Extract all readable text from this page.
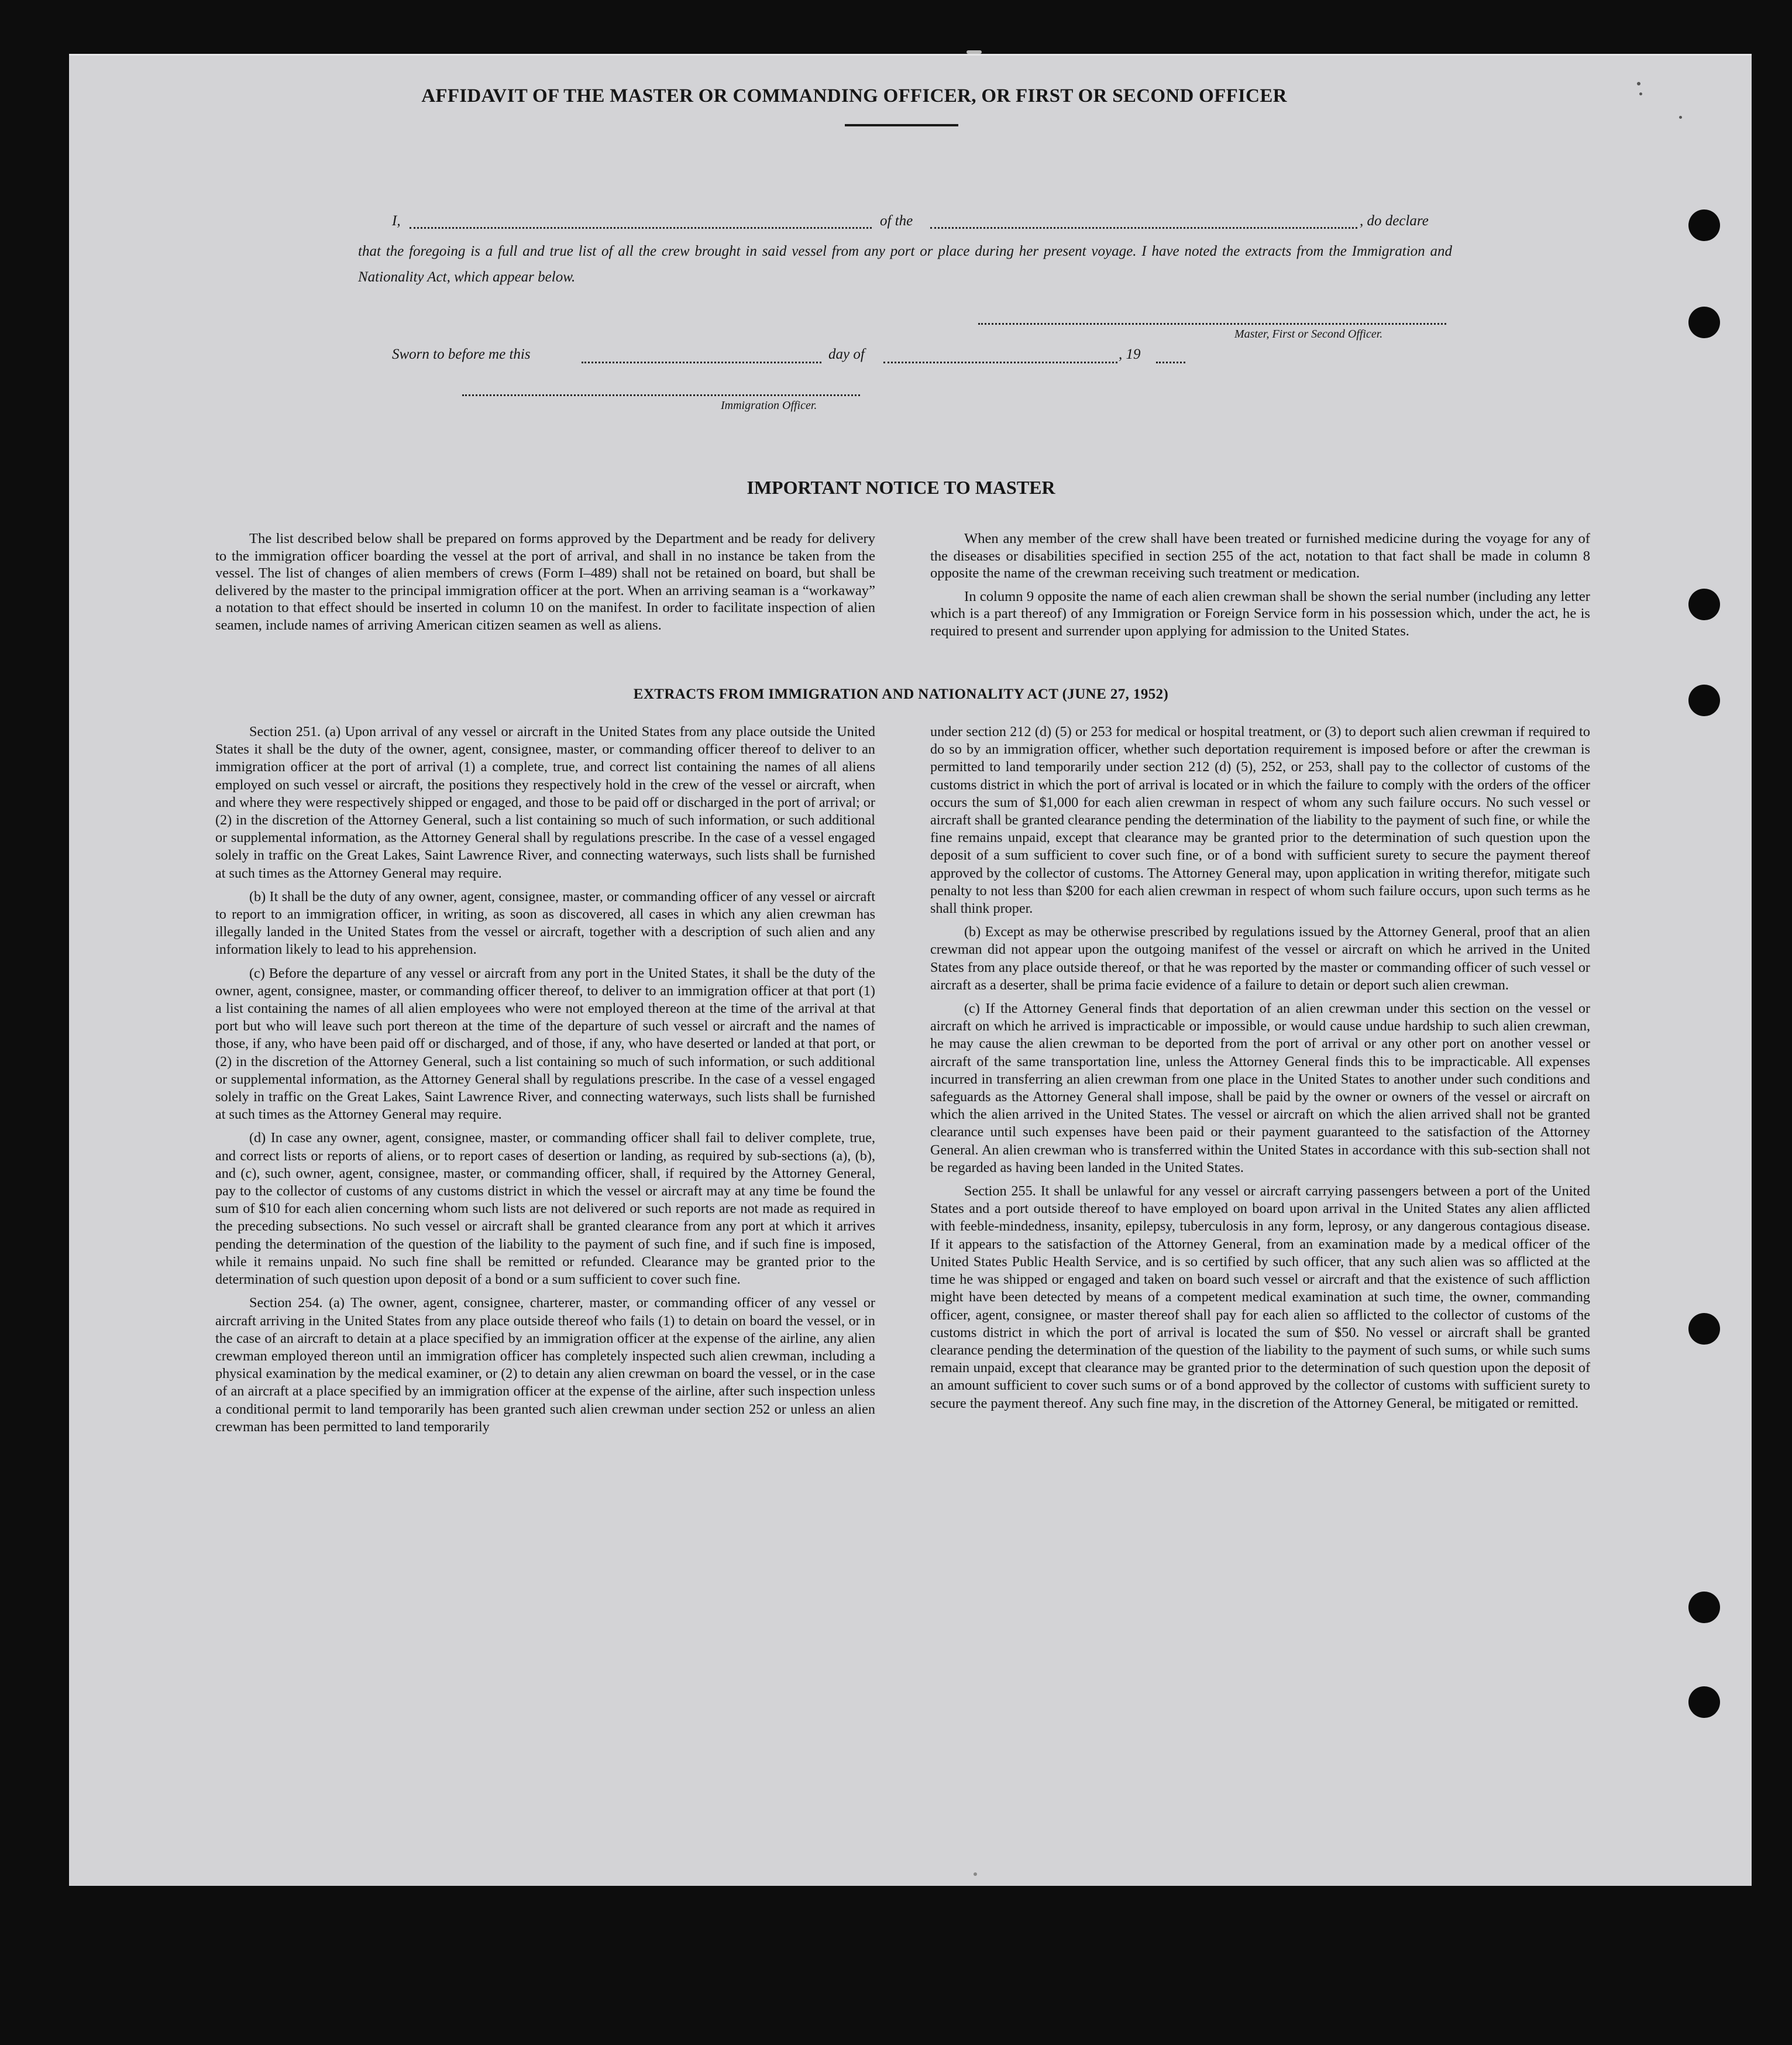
AFFIDAVIT OF THE MASTER OR COMMANDING OFFICER, OR FIRST OR SECOND OFFICER
I,	of the	, do declare
that the foregoing is a full and true list of all the crew brought in said vessel from any port or place during her present voyage. I have noted the extracts from the Immigration and Nationality Act, which appear below.
Master, First or Second Officer.
Sworn to before me this	day of	, 19
Immigration Officer.
IMPORTANT NOTICE TO MASTER

The list described below shall be prepared on forms approved by the Department and be ready for delivery to the immigration officer boarding the vessel at the port of arrival, and shall in no instance be taken from the vessel. The list of changes of alien members of crews (Form I–489) shall not be retained on board, but shall be delivered by the master to the principal immigration officer at the port. When an arriving seaman is a “workaway” a notation to that effect should be inserted in column 10 on the manifest. In order to facilitate inspection of alien seamen, include names of arriving American citizen seamen as well as aliens.

When any member of the crew shall have been treated or furnished medicine during the voyage for any of the diseases or disabilities specified in section 255 of the act, notation to that fact shall be made in column 8 opposite the name of the crewman receiving such treatment or medication.

In column 9 opposite the name of each alien crewman shall be shown the serial number (including any letter which is a part thereof) of any Immigration or Foreign Service form in his possession which, under the act, he is required to present and surrender upon applying for admission to the United States.

EXTRACTS FROM IMMIGRATION AND NATIONALITY ACT (JUNE 27, 1952)

Section 251. (a) Upon arrival of any vessel or aircraft in the United States from any place outside the United States it shall be the duty of the owner, agent, consignee, master, or commanding officer thereof to deliver to an immigration officer at the port of arrival (1) a complete, true, and correct list containing the names of all aliens employed on such vessel or aircraft, the positions they respectively hold in the crew of the vessel or aircraft, when and where they were respectively shipped or engaged, and those to be paid off or discharged in the port of arrival; or (2) in the discretion of the Attorney General, such a list containing so much of such information, or such additional or supplemental information, as the Attorney General shall by regulations prescribe. In the case of a vessel engaged solely in traffic on the Great Lakes, Saint Lawrence River, and connecting waterways, such lists shall be furnished at such times as the Attorney General may require.

(b) It shall be the duty of any owner, agent, consignee, master, or commanding officer of any vessel or aircraft to report to an immigration officer, in writing, as soon as discovered, all cases in which any alien crewman has illegally landed in the United States from the vessel or aircraft, together with a description of such alien and any information likely to lead to his apprehension.

(c) Before the departure of any vessel or aircraft from any port in the United States, it shall be the duty of the owner, agent, consignee, master, or commanding officer thereof, to deliver to an immigration officer at that port (1) a list containing the names of all alien employees who were not employed thereon at the time of the arrival at that port but who will leave such port thereon at the time of the departure of such vessel or aircraft and the names of those, if any, who have been paid off or discharged, and of those, if any, who have deserted or landed at that port, or (2) in the discretion of the Attorney General, such a list containing so much of such information, or such additional or supplemental information, as the Attorney General shall by regulations prescribe. In the case of a vessel engaged solely in traffic on the Great Lakes, Saint Lawrence River, and connecting waterways, such lists shall be furnished at such times as the Attorney General may require.

(d) In case any owner, agent, consignee, master, or commanding officer shall fail to deliver complete, true, and correct lists or reports of aliens, or to report cases of desertion or landing, as required by sub-sections (a), (b), and (c), such owner, agent, consignee, master, or commanding officer, shall, if required by the Attorney General, pay to the collector of customs of any customs district in which the vessel or aircraft may at any time be found the sum of $10 for each alien concerning whom such lists are not delivered or such reports are not made as required in the preceding subsections. No such vessel or aircraft shall be granted clearance from any port at which it arrives pending the determination of the question of the liability to the payment of such fine, and if such fine is imposed, while it remains unpaid. No such fine shall be remitted or refunded. Clearance may be granted prior to the determination of such question upon deposit of a bond or a sum sufficient to cover such fine.

Section 254. (a) The owner, agent, consignee, charterer, master, or commanding officer of any vessel or aircraft arriving in the United States from any place outside thereof who fails (1) to detain on board the vessel, or in the case of an aircraft to detain at a place specified by an immigration officer at the expense of the airline, any alien crewman employed thereon until an immigration officer has completely inspected such alien crewman, including a physical examination by the medical examiner, or (2) to detain any alien crewman on board the vessel, or in the case of an aircraft at a place specified by an immigration officer at the expense of the airline, after such inspection unless a conditional permit to land temporarily has been granted such alien crewman under section 252 or unless an alien crewman has been permitted to land temporarily

under section 212 (d) (5) or 253 for medical or hospital treatment, or (3) to deport such alien crewman if required to do so by an immigration officer, whether such deportation requirement is imposed before or after the crewman is permitted to land temporarily under section 212 (d) (5), 252, or 253, shall pay to the collector of customs of the customs district in which the port of arrival is located or in which the failure to comply with the orders of the officer occurs the sum of $1,000 for each alien crewman in respect of whom any such failure occurs. No such vessel or aircraft shall be granted clearance pending the determination of the liability to the payment of such fine, or while the fine remains unpaid, except that clearance may be granted prior to the determination of such question upon the deposit of a sum sufficient to cover such fine, or of a bond with sufficient surety to secure the payment thereof approved by the collector of customs. The Attorney General may, upon application in writing therefor, mitigate such penalty to not less than $200 for each alien crewman in respect of whom such failure occurs, upon such terms as he shall think proper.

(b) Except as may be otherwise prescribed by regulations issued by the Attorney General, proof that an alien crewman did not appear upon the outgoing manifest of the vessel or aircraft on which he arrived in the United States from any place outside thereof, or that he was reported by the master or commanding officer of such vessel or aircraft as a deserter, shall be prima facie evidence of a failure to detain or deport such alien crewman.

(c) If the Attorney General finds that deportation of an alien crewman under this section on the vessel or aircraft on which he arrived is impracticable or impossible, or would cause undue hardship to such alien crewman, he may cause the alien crewman to be deported from the port of arrival or any other port on another vessel or aircraft of the same transportation line, unless the Attorney General finds this to be impracticable. All expenses incurred in transferring an alien crewman from one place in the United States to another under such conditions and safeguards as the Attorney General shall impose, shall be paid by the owner or owners of the vessel or aircraft on which the alien arrived in the United States. The vessel or aircraft on which the alien arrived shall not be granted clearance until such expenses have been paid or their payment guaranteed to the satisfaction of the Attorney General. An alien crewman who is transferred within the United States in accordance with this sub-section shall not be regarded as having been landed in the United States.

Section 255. It shall be unlawful for any vessel or aircraft carrying passengers between a port of the United States and a port outside thereof to have employed on board upon arrival in the United States any alien afflicted with feeble-mindedness, insanity, epilepsy, tuberculosis in any form, leprosy, or any dangerous contagious disease. If it appears to the satisfaction of the Attorney General, from an examination made by a medical officer of the United States Public Health Service, and is so certified by such officer, that any such alien was so afflicted at the time he was shipped or engaged and taken on board such vessel or aircraft and that the existence of such affliction might have been detected by means of a competent medical examination at such time, the owner, commanding officer, agent, consignee, or master thereof shall pay for each alien so afflicted to the collector of customs of the customs district in which the port of arrival is located the sum of $50. No vessel or aircraft shall be granted clearance pending the determination of the question of the liability to the payment of such sums, or while such sums remain unpaid, except that clearance may be granted prior to the determination of such question upon the deposit of an amount sufficient to cover such sums or of a bond approved by the collector of customs with sufficient surety to secure the payment thereof. Any such fine may, in the discretion of the Attorney General, be mitigated or remitted.
